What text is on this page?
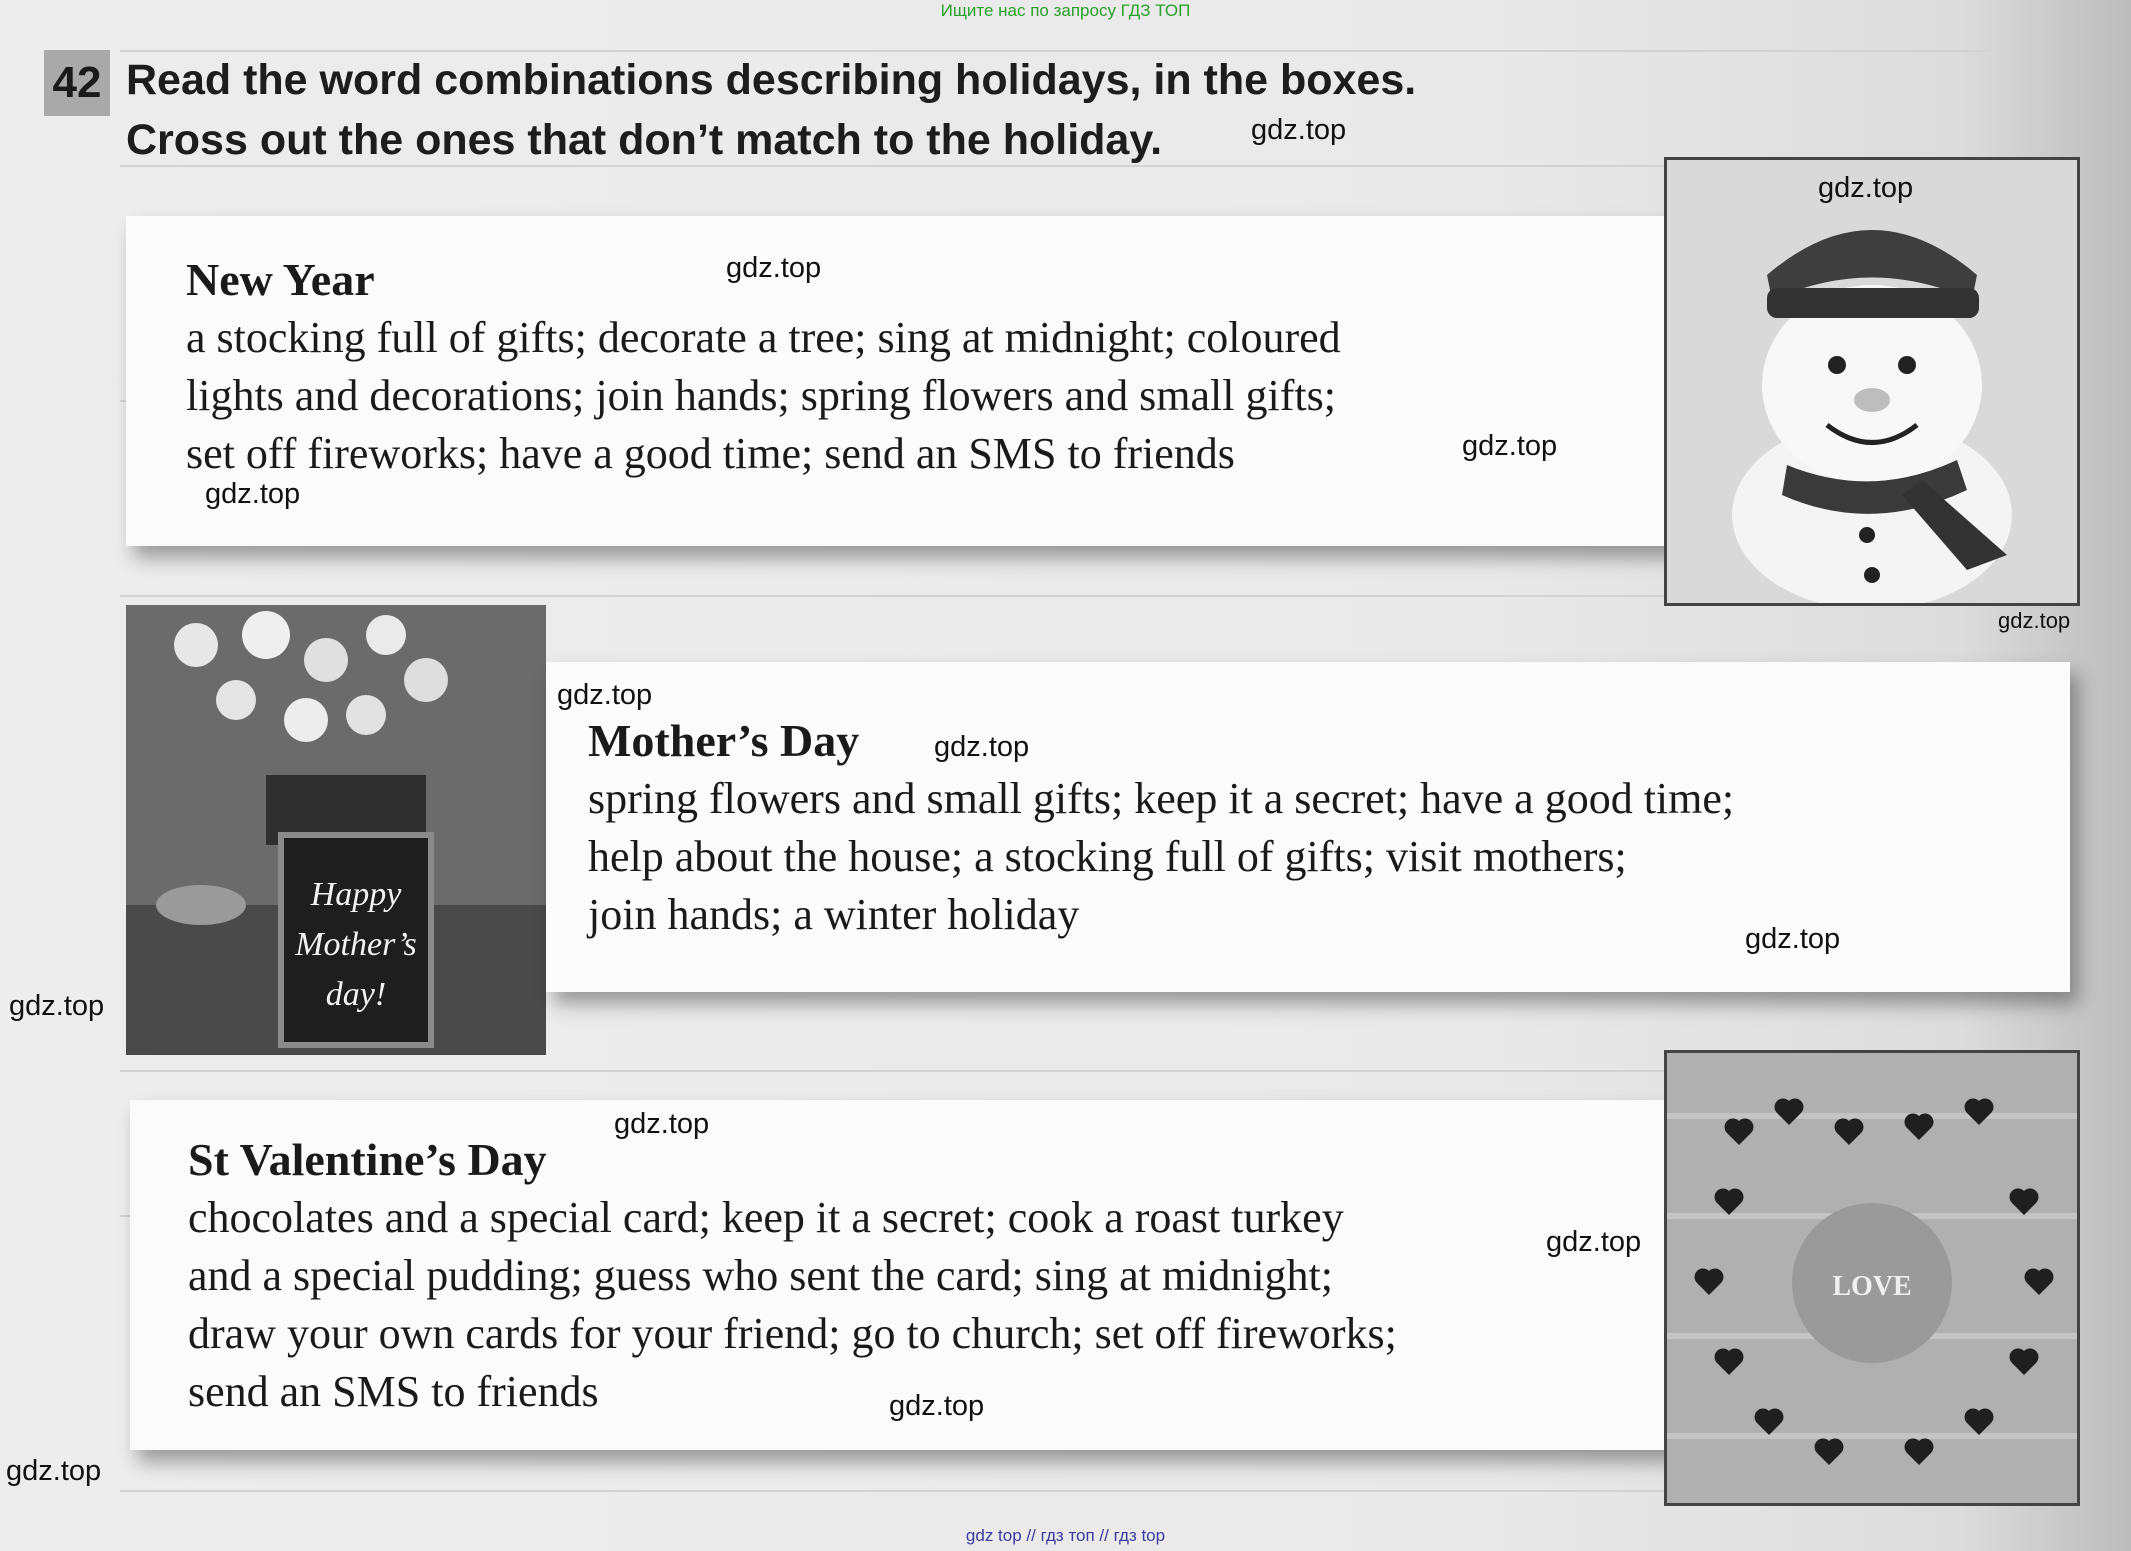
Ищите нас по запросу ГДЗ ТОП
42 Read the word combinations describing holidays, in the boxes.
Cross out the ones that don’t match to the holiday.
New Year
a stocking full of gifts; decorate a tree; sing at midnight; coloured
lights and decorations; join hands; spring flowers and small gifts;
set off fireworks; have a good time; send an SMS to friends
Happy
Mother’s
day!
Mother’s Day
spring flowers and small gifts; keep it a secret; have a good time;
help about the house; a stocking full of gifts; visit mothers;
join hands; a winter holiday
St Valentine’s Day
chocolates and a special card; keep it a secret; cook a roast turkey
and a special pudding; guess who sent the card; sing at midnight;
draw your own cards for your friend; go to church; set off fireworks;
send an SMS to friends
LOVE
gdz.top
gdz.top
gdz.top
gdz.top
gdz.top
gdz.top
gdz.top
gdz.top
gdz.top
gdz.top
gdz.top
gdz.top
gdz.top
gdz.top
gdz top // гдз топ // гдз top
